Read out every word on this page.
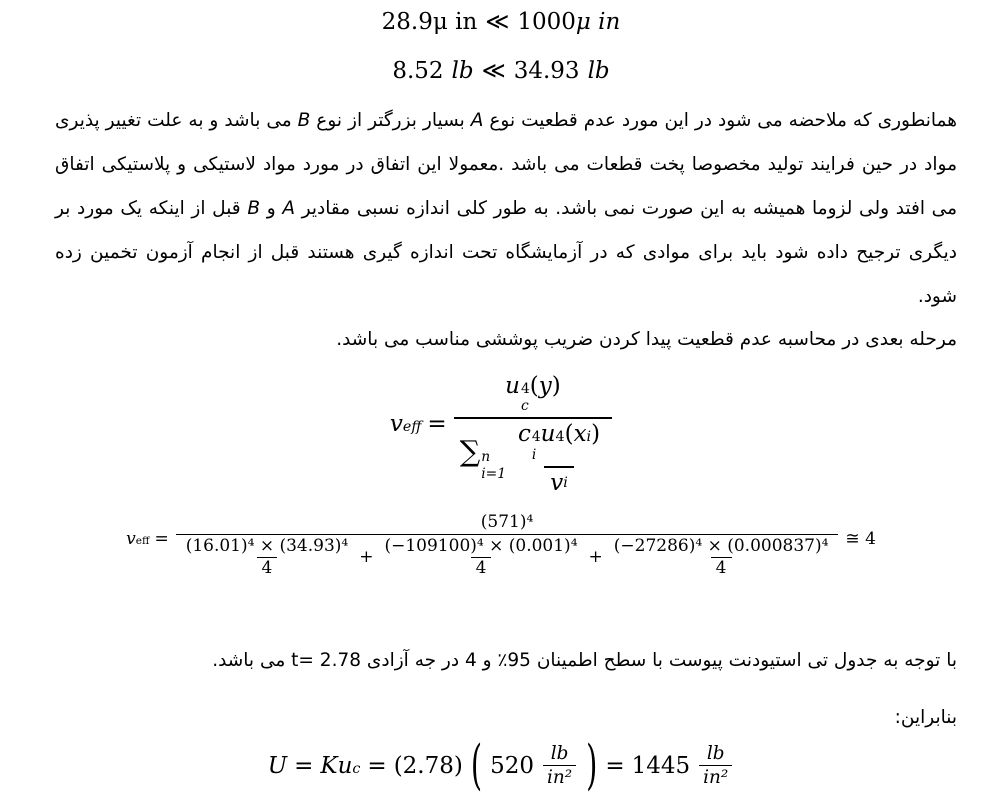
28.9μ in ≪ 1000 μ in
8.52 lb ≪ 34.93 lb

همانطوری که ملاحضه می شود در این مورد عدم قطعیت نوع A بسیار بزرگتر از نوع B می باشد و به علت تغییر پذیری مواد در حین فرایند تولید مخصوصا پخت قطعات می باشد .معمولا این اتفاق در مورد مواد لاستیکی و پلاستیکی اتفاق می افتد ولی لزوما همیشه به این صورت نمی باشد. به طور کلی اندازه نسبی مقادیر A و B قبل از اینکه یک مورد بر دیگری ترجیح داده شود باید برای موادی که در آزمایشگاه تحت اندازه گیری هستند قبل از انجام آزمون تخمین زده شود.

مرحله بعدی در محاسبه عدم قطعیت پیدا کردن ضریب پوششی مناسب می باشد.
v eff =
u 4
c
( y )
∑ n
i=1 c 4
i
u 4 ( x i )
v i
v eff =
(571)⁴
$\frac{\text{(16.01)⁴ × (34.93)⁴}}{4} + \frac{\text{(−109100)⁴ × (0.001)⁴}}{4} + \frac{\text{(−27286)⁴ × (0.000837)⁴}}{4}$ ≅ 4
با توجه به جدول تی استیودنت پیوست با سطح اطمینان 95٪ و 4 در جه آزادی t= 2.78 می باشد.
بنابراین:
U = K u c = (2.78) ( $520 \frac{lb}{\text{in²}}$ ) = $1445 \frac{lb}{\text{in²}}$
